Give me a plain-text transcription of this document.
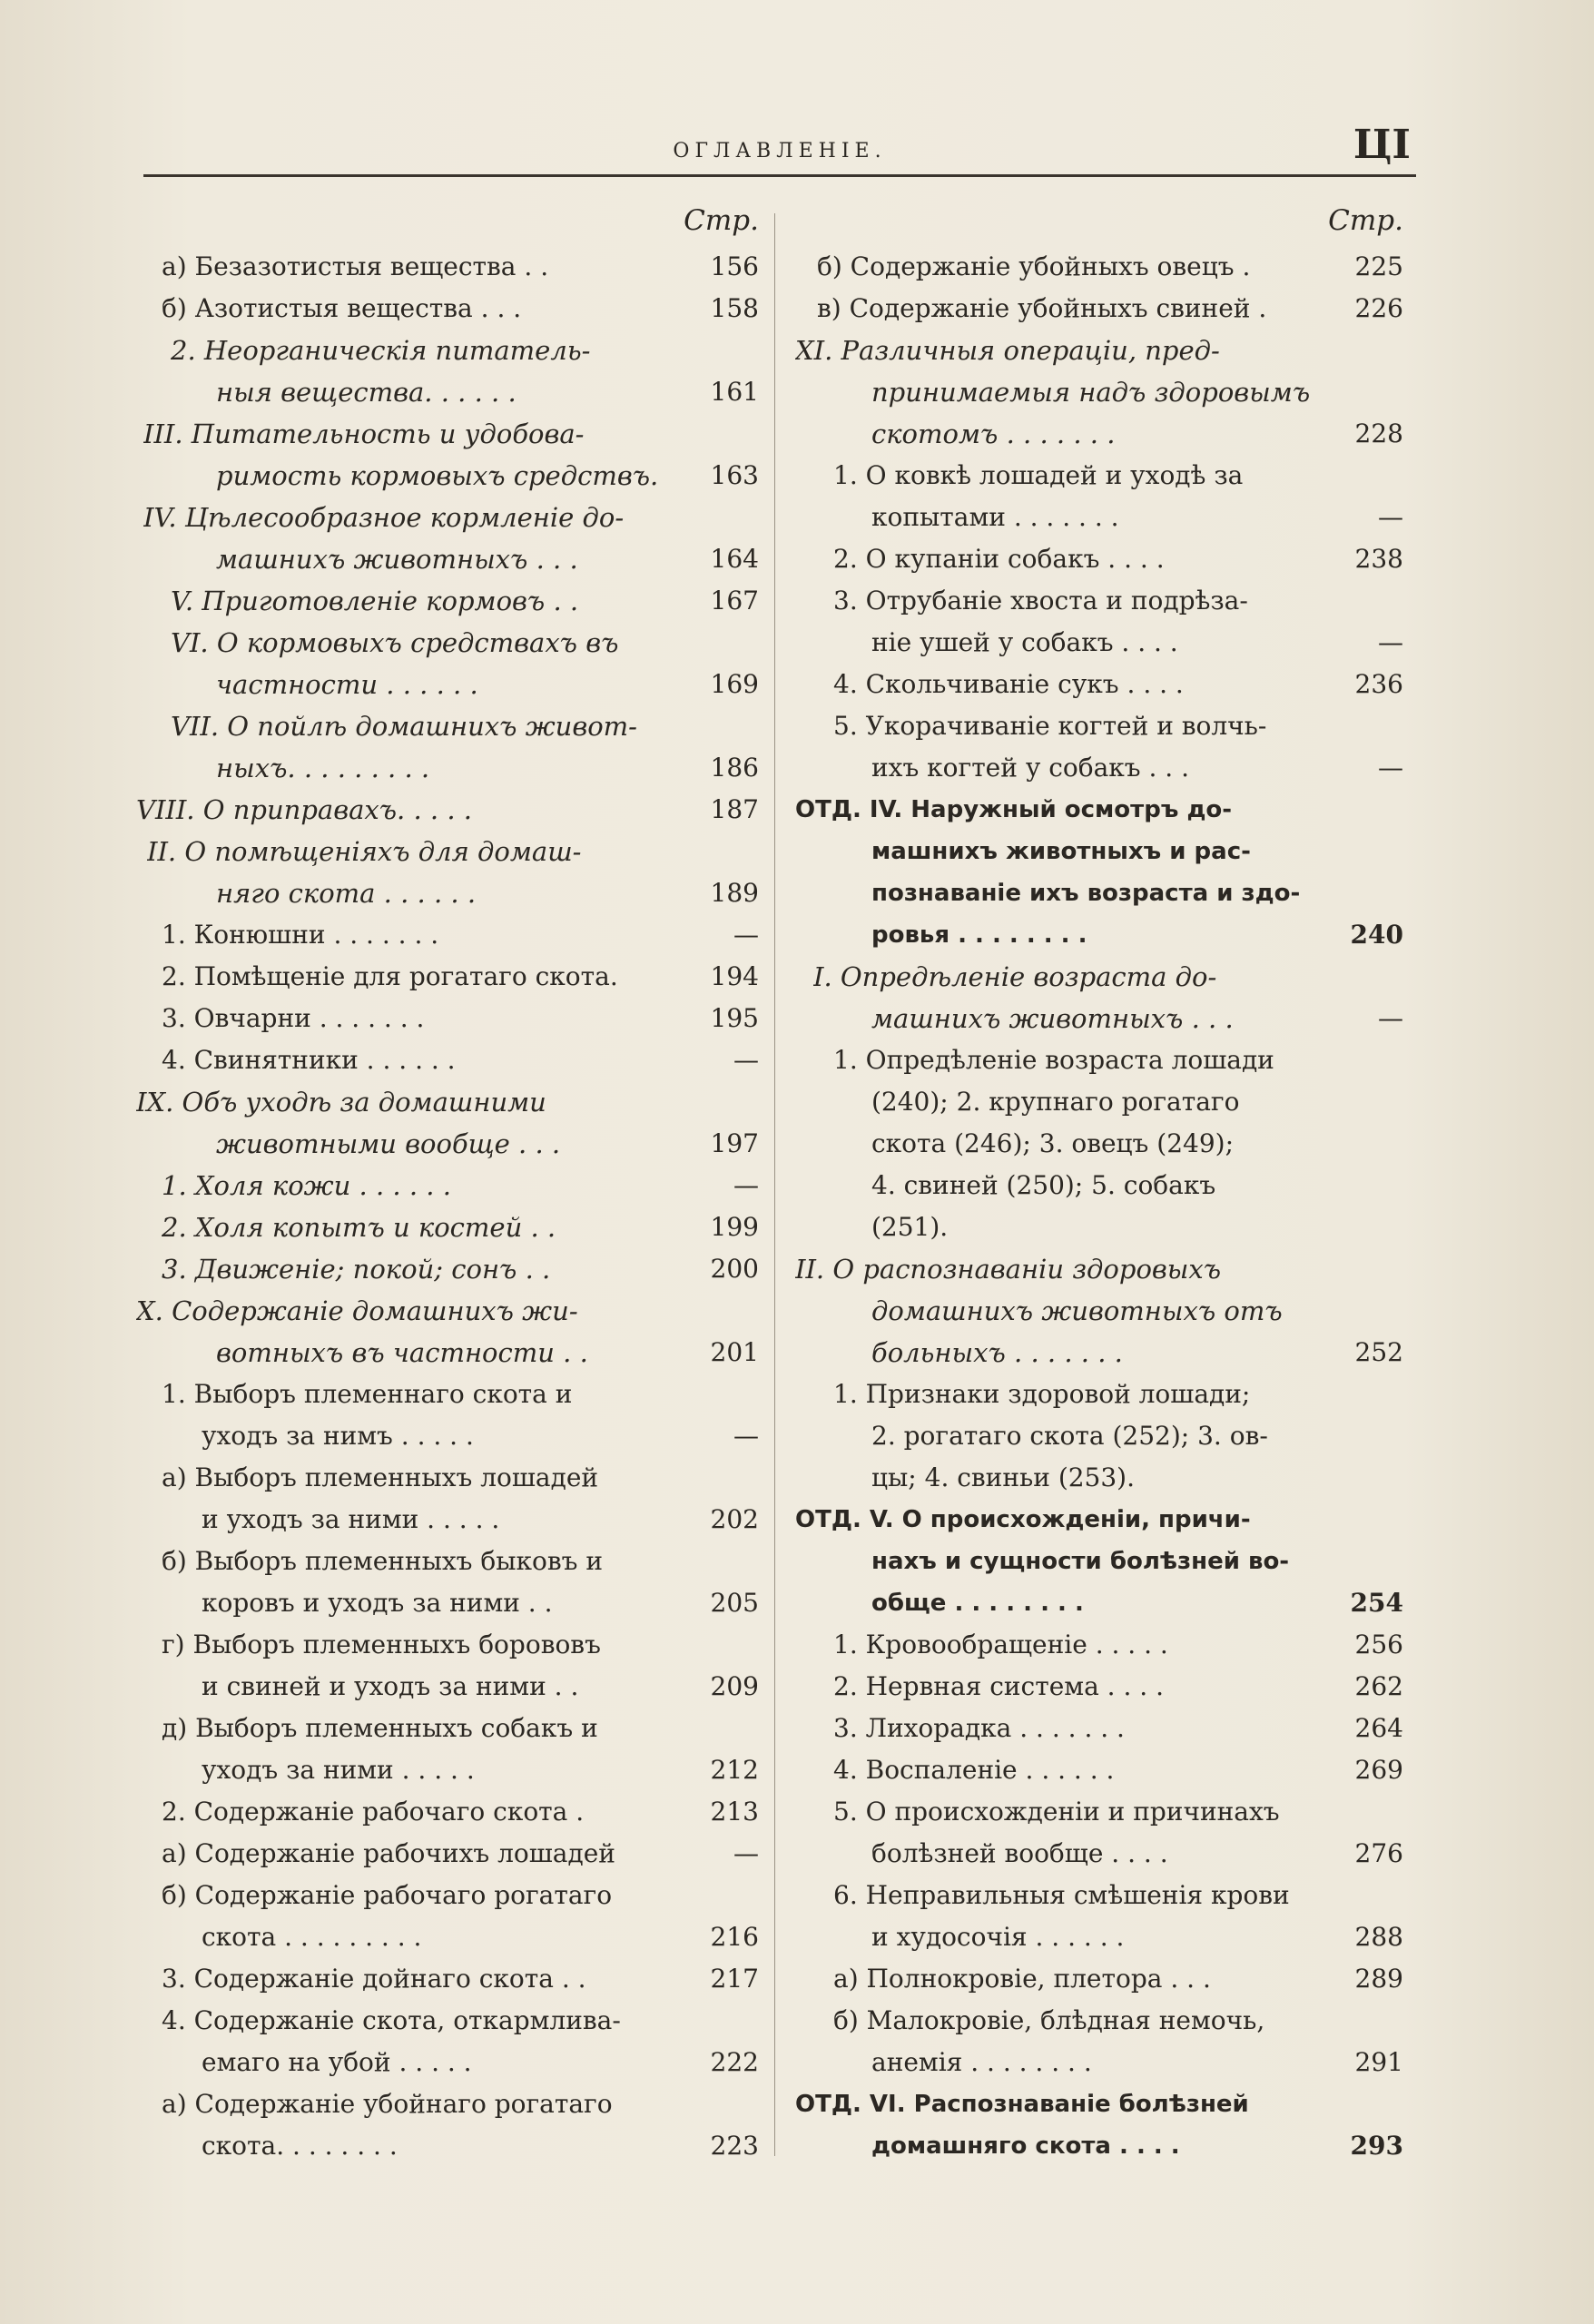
ОГЛАВЛЕНІЕ.	ЦІ
Стр.
а) Безазотистыя вещества . .	156
б) Азотистыя вещества . . .	158
2. Неорганическія питатель-
ныя вещества. . . . . .	161
III. Питательность и удобова-
римость кормовыхъ средствъ.	163
IV. Цѣлесообразное кормленіе до-
машнихъ животныхъ . . .	164
V. Приготовленіе кормовъ . .	167
VI. О кормовыхъ средствахъ въ
частности . . . . . .	169
VII. О пойлѣ домашнихъ живот-
ныхъ. . . . . . . . .	186
VIII. О приправахъ. . . . .	187
II. О помѣщеніяхъ для домаш-
няго скота . . . . . .	189
1. Конюшни . . . . . . .	—
2. Помѣщеніе для рогатаго скота.	194
3. Овчарни . . . . . . .	195
4. Свинятники . . . . . .	—
IX. Объ уходѣ за домашними
животными вообще . . .	197
1. Холя кожи . . . . . .	—
2. Холя копытъ и костей . .	199
3. Движеніе; покой; сонъ . .	200
X. Содержаніе домашнихъ жи-
вотныхъ въ частности . .	201
1. Выборъ племеннаго скота и
уходъ за нимъ . . . . .	—
а) Выборъ племенныхъ лошадей
и уходъ за ними . . . . .	202
б) Выборъ племенныхъ быковъ и
коровъ и уходъ за ними . .	205
г) Выборъ племенныхъ борововъ
и свиней и уходъ за ними . .	209
д) Выборъ племенныхъ собакъ и
уходъ за ними . . . . .	212
2. Содержаніе рабочаго скота .	213
а) Содержаніе рабочихъ лошадей	—
б) Содержаніе рабочаго рогатаго
скота . . . . . . . . .	216
3. Содержаніе дойнаго скота . .	217
4. Содержаніе скота, откармлива-
емаго на убой . . . . .	222
а) Содержаніе убойнаго рогатаго
скота. . . . . . . .	223
Стр.
б) Содержаніе убойныхъ овецъ .	225
в) Содержаніе убойныхъ свиней .	226
XI. Различныя операціи, пред-
принимаемыя надъ здоровымъ
скотомъ . . . . . . .	228
1. О ковкѣ лошадей и уходѣ за
копытами . . . . . . .	—
2. О купаніи собакъ . . . .	238
3. Отрубаніе хвоста и подрѣза-
ніе ушей у собакъ . . . .	—
4. Скольчиваніе сукъ . . . .	236
5. Укорачиваніе когтей и волчь-
ихъ когтей у собакъ . . .	—
ОТД. IV. Наружный осмотръ до-
машнихъ животныхъ и рас-
познаваніе ихъ возраста и здо-
ровья . . . . . . . .	240
I. Опредѣленіе возраста до-
машнихъ животныхъ . . .	—
1. Опредѣленіе возраста лошади
(240); 2. крупнаго рогатаго
скота (246); 3. овецъ (249);
4. свиней (250); 5. собакъ
(251).
II. О распознаваніи здоровыхъ
домашнихъ животныхъ отъ
больныхъ . . . . . . .	252
1. Признаки здоровой лошади;
2. рогатаго скота (252); 3. ов-
цы; 4. свиньи (253).
ОТД. V. О происхожденіи, причи-
нахъ и сущности болѣзней во-
обще . . . . . . . .	254
1. Кровообращеніе . . . . .	256
2. Нервная система . . . .	262
3. Лихорадка . . . . . . .	264
4. Воспаленіе . . . . . .	269
5. О происхожденіи и причинахъ
болѣзней вообще . . . .	276
6. Неправильныя смѣшенія крови
и худосочія . . . . . .	288
а) Полнокровіе, плетора . . .	289
б) Малокровіе, блѣдная немочь,
анемія . . . . . . . .	291
ОТД. VI. Распознаваніе болѣзней
домашняго скота . . . .	293
